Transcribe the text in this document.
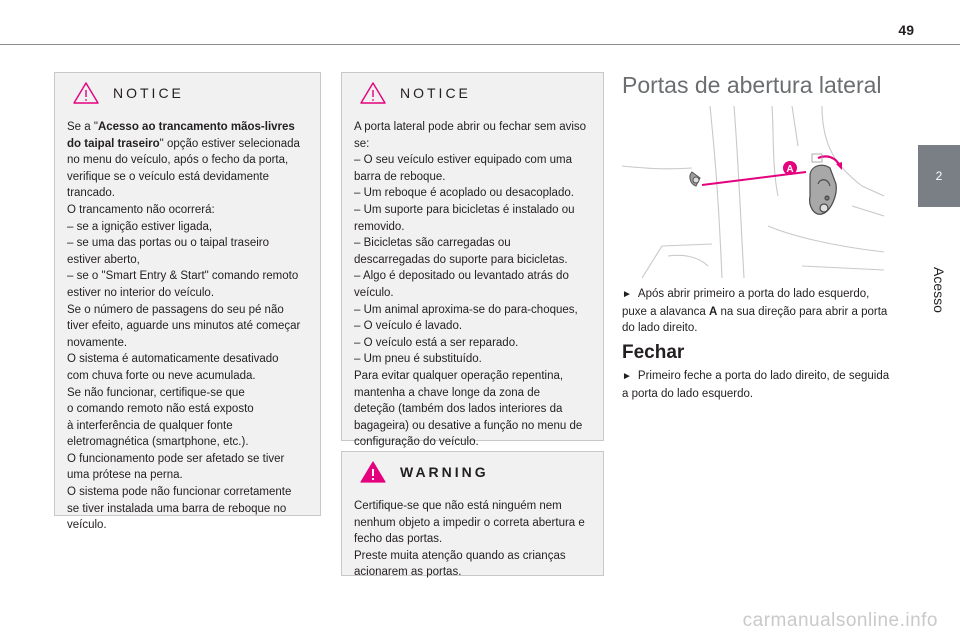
49
2
Acesso
NOTICE

Se a "Acesso ao trancamento mãos-livres

do taipal traseiro" opção estiver selecionada

no menu do veículo, após o fecho da porta,

verifique se o veículo está devidamente

trancado.

O trancamento não ocorrerá:

– se a ignição estiver ligada,

– se uma das portas ou o taipal traseiro

estiver aberto,

– se o "Smart Entry & Start" comando remoto

estiver no interior do veículo.

Se o número de passagens do seu pé não

tiver efeito, aguarde uns minutos até começar

novamente.

O sistema é automaticamente desativado

com chuva forte ou neve acumulada.

Se não funcionar, certifique-se que

o comando remoto não está exposto

à interferência de qualquer fonte

eletromagnética (smartphone, etc.).

O funcionamento pode ser afetado se tiver

uma prótese na perna.

O sistema pode não funcionar corretamente

se tiver instalada uma barra de reboque no

veículo.

NOTICE

A porta lateral pode abrir ou fechar sem aviso

se:

– O seu veículo estiver equipado com uma

barra de reboque.

– Um reboque é acoplado ou desacoplado.

– Um suporte para bicicletas é instalado ou

removido.

– Bicicletas são carregadas ou

descarregadas do suporte para bicicletas.

– Algo é depositado ou levantado atrás do

veículo.

– Um animal aproxima-se do para-choques,

– O veículo é lavado.

– O veículo está a ser reparado.

– Um pneu é substituído.

Para evitar qualquer operação repentina,

mantenha a chave longe da zona de

deteção (também dos lados interiores da

bagageira) ou desative a função no menu de

configuração do veículo.

WARNING

Certifique-se que não está ninguém nem

nenhum objeto a impedir o correta abertura e

fecho das portas.

Preste muita atenção quando as crianças

acionarem as portas.

Portas de abertura lateral
A
► Após abrir primeiro a porta do lado esquerdo, puxe a alavanca A na sua direção para abrir a porta do lado direito.
Fechar
► Primeiro feche a porta do lado direito, de seguida a porta do lado esquerdo.
carmanualsonline.info
